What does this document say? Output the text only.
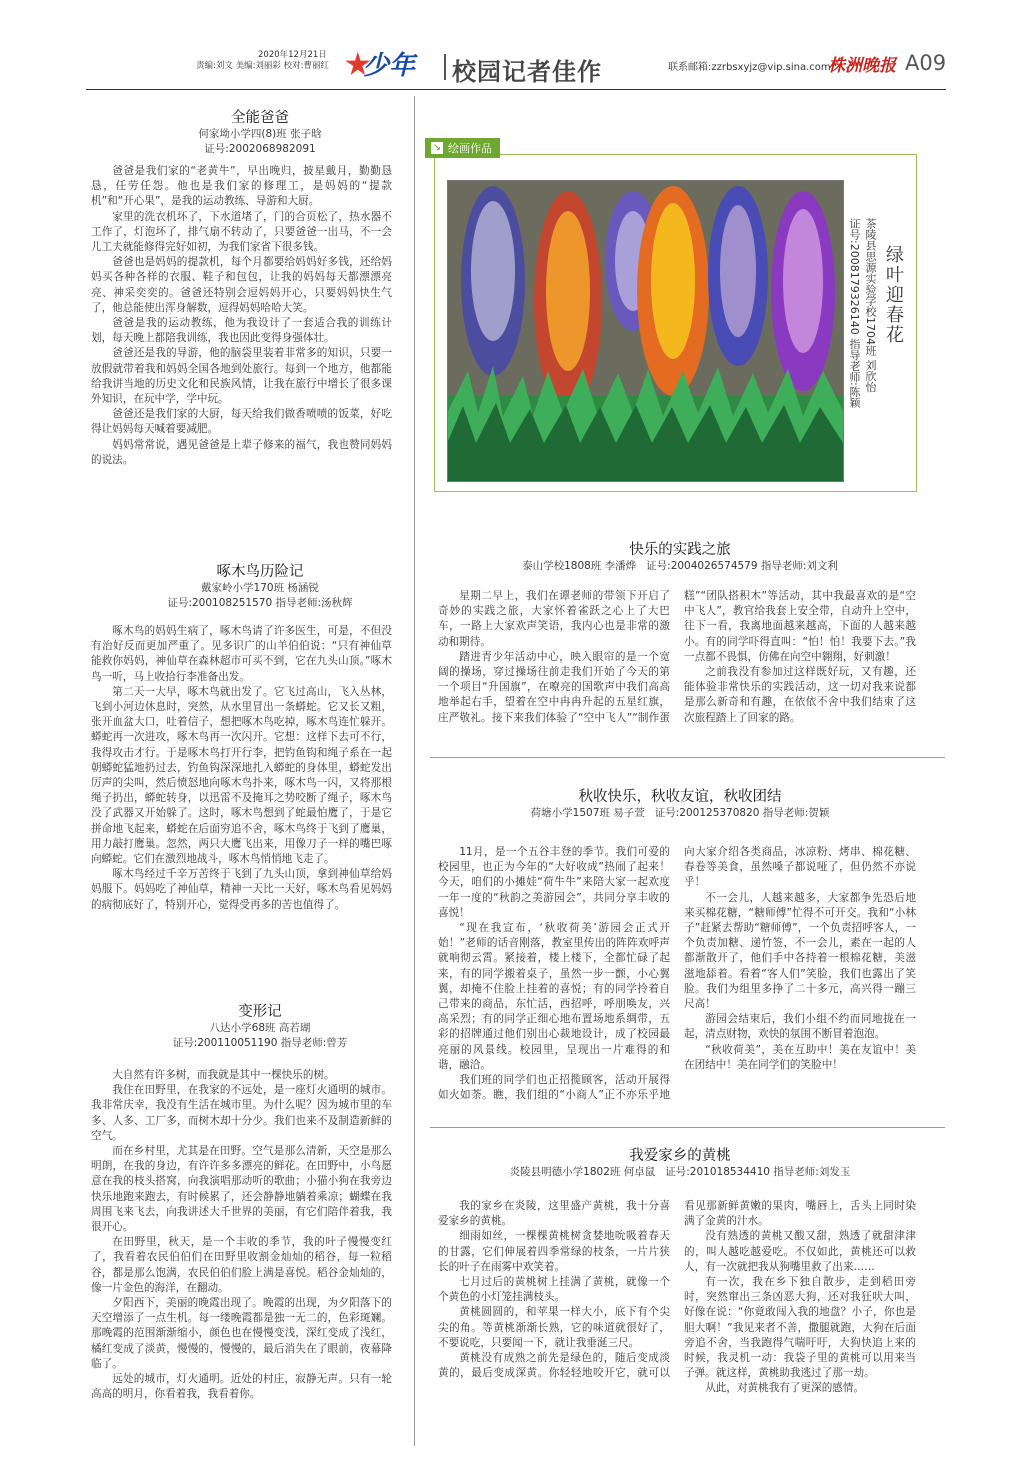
2020年12月21日
责编:刘文 美编:刘丽彩 校对:曹丽红 少年 校园记者佳作	联系邮箱:zzrbsxyjz@vip.sina.com
株洲晚报 A09
全能爸爸
何家坳小学四(8)班 张子晗
证号:2002068982091

爸爸是我们家的“老黄牛”，早出晚归，披星戴月，勤勤恳恳，任劳任怨。他也是我们家的修理工，是妈妈的“提款机”和“开心果”，是我的运动教练、导游和大厨。

家里的洗衣机坏了，下水道堵了，门的合页松了，热水器不工作了，灯泡坏了，排气扇不转动了，只要爸爸一出马，不一会儿工夫就能修得完好如初，为我们家省下很多钱。

爸爸也是妈妈的提款机，每个月都要给妈妈好多钱，还给妈妈买各种各样的衣服、鞋子和包包，让我的妈妈每天都漂漂亮亮、神采奕奕的。爸爸还特别会逗妈妈开心，只要妈妈快生气了，他总能使出浑身解数，逗得妈妈哈哈大笑。

爸爸是我的运动教练，他为我设计了一套适合我的训练计划，每天晚上都陪我训练，我也因此变得身强体壮。

爸爸还是我的导游，他的脑袋里装着非常多的知识，只要一放假就带着我和妈妈全国各地到处旅行。每到一个地方，他都能给我讲当地的历史文化和民族风情，让我在旅行中增长了很多课外知识，在玩中学，学中玩。

爸爸还是我们家的大厨，每天给我们做香喷喷的饭菜，好吃得让妈妈每天喊着要减肥。

妈妈常常说，遇见爸爸是上辈子修来的福气，我也赞同妈妈的说法。

啄木鸟历险记
戴家岭小学170班 杨涵锐
证号:2001082515​70 指导老师:汤秋辉

啄木鸟的妈妈生病了，啄木鸟请了许多医生，可是，不但没有治好反而更加严重了。见多识广的山羊伯伯说：“只有神仙草能救你妈妈，神仙草在森林超市可买不到，它在九头山顶。”啄木鸟一听，马上收拾行李准备出发。

第二天一大早，啄木鸟就出发了。它飞过高山，飞入丛林，飞到小河边休息时，突然，从水里冒出一条蟒蛇。它又长又粗，张开血盆大口，吐着信子，想把啄木鸟吃掉，啄木鸟连忙躲开。蟒蛇再一次进攻，啄木鸟再一次闪开。它想：这样下去可不行，我得攻击才行。于是啄木鸟打开行李，把钓鱼钩和绳子系在一起朝蟒蛇猛地扔过去，钓鱼钩深深地扎入蟒蛇的身体里，蟒蛇发出厉声的尖叫，然后愤怒地向啄木鸟扑来，啄木鸟一闪，又将那根绳子扔出，蟒蛇转身，以迅雷不及掩耳之势咬断了绳子，啄木鸟没了武器又开始躲了。这时，啄木鸟想到了蛇最怕鹰了，于是它拼命地飞起来，蟒蛇在后面穷追不舍，啄木鸟终于飞到了鹰巢，用力敲打鹰巢。忽然，两只大鹰飞出来，用像刀子一样的嘴巴啄向蟒蛇。它们在激烈地战斗，啄木鸟悄悄地飞走了。

啄木鸟经过千辛万苦终于飞到了九头山顶，拿到神仙草给妈妈服下。妈妈吃了神仙草，精神一天比一天好，啄木鸟看见妈妈的病彻底好了，特别开心，觉得受再多的苦也值得了。

变形记
八达小学68班 高若瑚
证号:200110051190 指导老师:曾芳

大自然有许多树，而我就是其中一棵快乐的树。

我住在田野里，在我家的不远处，是一座灯火通明的城市。我非常庆幸，我没有生活在城市里。为什么呢？因为城市里的车多、人多、工厂多，而树木却十分少。我们也来不及制造新鲜的空气。

而在乡村里，尤其是在田野。空气是那么清新，天空是那么明朗，在我的身边，有许许多多漂亮的鲜花。在田野中，小鸟愿意在我的枝头搭窝，向我演唱那动听的歌曲；小猫小狗在我旁边快乐地跑来跑去，有时候累了，还会静静地躺着乘凉；蝴蝶在我周围飞来飞去，向我讲述大千世界的美丽，有它们陪伴着我，我很开心。

在田野里，秋天，是一个丰收的季节，我的叶子慢慢变红了，我看着农民伯伯们在田野里收割金灿灿的稻谷，每一粒稻谷，都是那么饱满，农民伯伯们脸上满是喜悦。稻谷金灿灿的，像一片金色的海洋，在翻动。

夕阳西下，美丽的晚霞出现了。晚霞的出现，为夕阳落下的天空增添了一点生机。每一缕晚霞都是独一无二的，色彩斑斓。那晚霞的范围渐渐缩小，颜色也在慢慢变浅，深红变成了浅红，橘红变成了淡黄，慢慢的，慢慢的，最后消失在了眼前，夜幕降临了。

远处的城市，灯火通明。近处的村庄，寂静无声。只有一轮高高的明月，你看着我，我看着你。

↘ 绘画作品
绿叶迎春花
茶陵县思源实验学校1704班 刘欣怡
证号:2008179326140 指导老师:陈颖
快乐的实践之旅
泰山学校1808班 李潘烨 证号:2004026574579 指导老师:刘文利

星期二早上，我们在谭老师的带领下开启了奇妙的实践之旅，大家怀着雀跃之心上了大巴车，一路上大家欢声笑语，我内心也是非常的激动和期待。

踏进青少年活动中心，映入眼帘的是一个宽阔的操场，穿过操场往前走我们开始了今天的第一个项目“升国旗”，在嘹亮的国歌声中我们高高地举起右手，望着在空中冉冉升起的五星红旗，庄严敬礼。接下来我们体验了“空中飞人”“制作蛋糕”“团队搭积木”等活动，其中我最喜欢的是“空中飞人”，教官给我套上安全带，自动升上空中，往下一看，我离地面越来越高，下面的人越来越小。有的同学吓得直叫：“怕！怕！我要下去。”我一点都不畏惧，仿佛在向空中翱翔，好刺激！

之前我没有参加过这样既好玩，又有趣，还能体验非常快乐的实践活动，这一切对我来说都是那么新奇和有趣，在依依不舍中我们结束了这次旅程踏上了回家的路。

秋收快乐，秋收友谊，秋收团结
荷塘小学1507班 易子萱 证号:200125370820 指导老师:贺颖

11月，是一个五谷丰登的季节。我们可爱的校园里，也正为今年的“大好收成”热闹了起来！今天，咱们的小摊娃“荷牛牛”来陪大家一起欢度一年一度的“秋韵之美游园会”，共同分享丰收的喜悦！

“现在我宣布，‘秋收荷美’游园会正式开始！”老师的话音刚落，教室里传出的阵阵欢呼声就响彻云霄。紧接着，楼上楼下，全都忙碌了起来，有的同学搬着桌子，虽然一步一颤，小心翼翼，却掩不住脸上挂着的喜悦；有的同学拎着自己带来的商品，东忙活，西招呼，呼朋唤友，兴高采烈；有的同学正细心地布置场地系绸带，五彩的招牌通过他们别出心裁地设计，成了校园最亮丽的风景线。校园里，呈现出一片难得的和谐，融洽。

我们班的同学们也正招揽顾客，活动开展得如火如荼。瞧，我们组的“小商人”正不亦乐乎地向大家介绍各类商品，冰凉粉、烤串、棉花糖、春卷等美食，虽然嗓子都说哑了，但仍然不亦说乎！

不一会儿，人越来越多，大家都争先恐后地来买棉花糖，“糖师傅”忙得不可开交。我和“小林子”赶紧去帮助“糖师傅”，一个负责招呼客人，一个负责加糖、递竹签，不一会儿，素在一起的人都渐散开了，他们手中各持着一根棉花糖，美滋滋地舔着。看着“客人们”笑脸，我们也露出了笑脸。我们为组里多挣了二十多元，高兴得一蹦三尺高！

游园会结束后，我们小组不约而同地拢在一起，清点财物，欢快的氛围不断冒着泡泡。

“秋收荷美”，美在互助中！美在友谊中！美在团结中！美在同学们的笑脸中！

我爱家乡的黄桃
炎陵县明德小学1802班 何卓鼠 证号:201018534410 指导老师:刘发玉

我的家乡在炎陵，这里盛产黄桃，我十分喜爱家乡的黄桃。

细雨如丝，一棵棵黄桃树贪婪地吮吸着春天的甘露，它们伸展着四季常绿的枝条，一片片狭长的叶子在雨雾中欢笑着。

七月过后的黄桃树上挂满了黄桃，就像一个个黄色的小灯笼挂满枝头。

黄桃圆圆的，和苹果一样大小，底下有个尖尖的角。等黄桃渐渐长熟，它的味道就很好了，不要说吃，只要闻一下，就让我垂涎三尺。

黄桃没有成熟之前先是绿色的，随后变成淡黄的，最后变成深黄。你轻轻地咬开它，就可以看见那新鲜黄嫩的果肉，嘴唇上，舌头上同时染满了金黄的汁水。

没有熟透的黄桃又酸又甜，熟透了就甜津津的，叫人越吃越爱吃。不仅如此，黄桃还可以救人，有一次就把我从狗嘴里救了出来……

有一次，我在乡下独自散步，走到稻田旁时，突然窜出三条凶恶大狗，还对我狂吠大叫，好像在说：“你竟敢闯入我的地盘？小子，你也是胆大啊！”我见来者不善，撒腿就跑，大狗在后面旁追不舍，当我跑得气喘吁吁，大狗快追上来的时候，我灵机一动：我袋子里的黄桃可以用来当子弹。就这样，黄桃助我逃过了那一劫。

从此，对黄桃我有了更深的感情。
